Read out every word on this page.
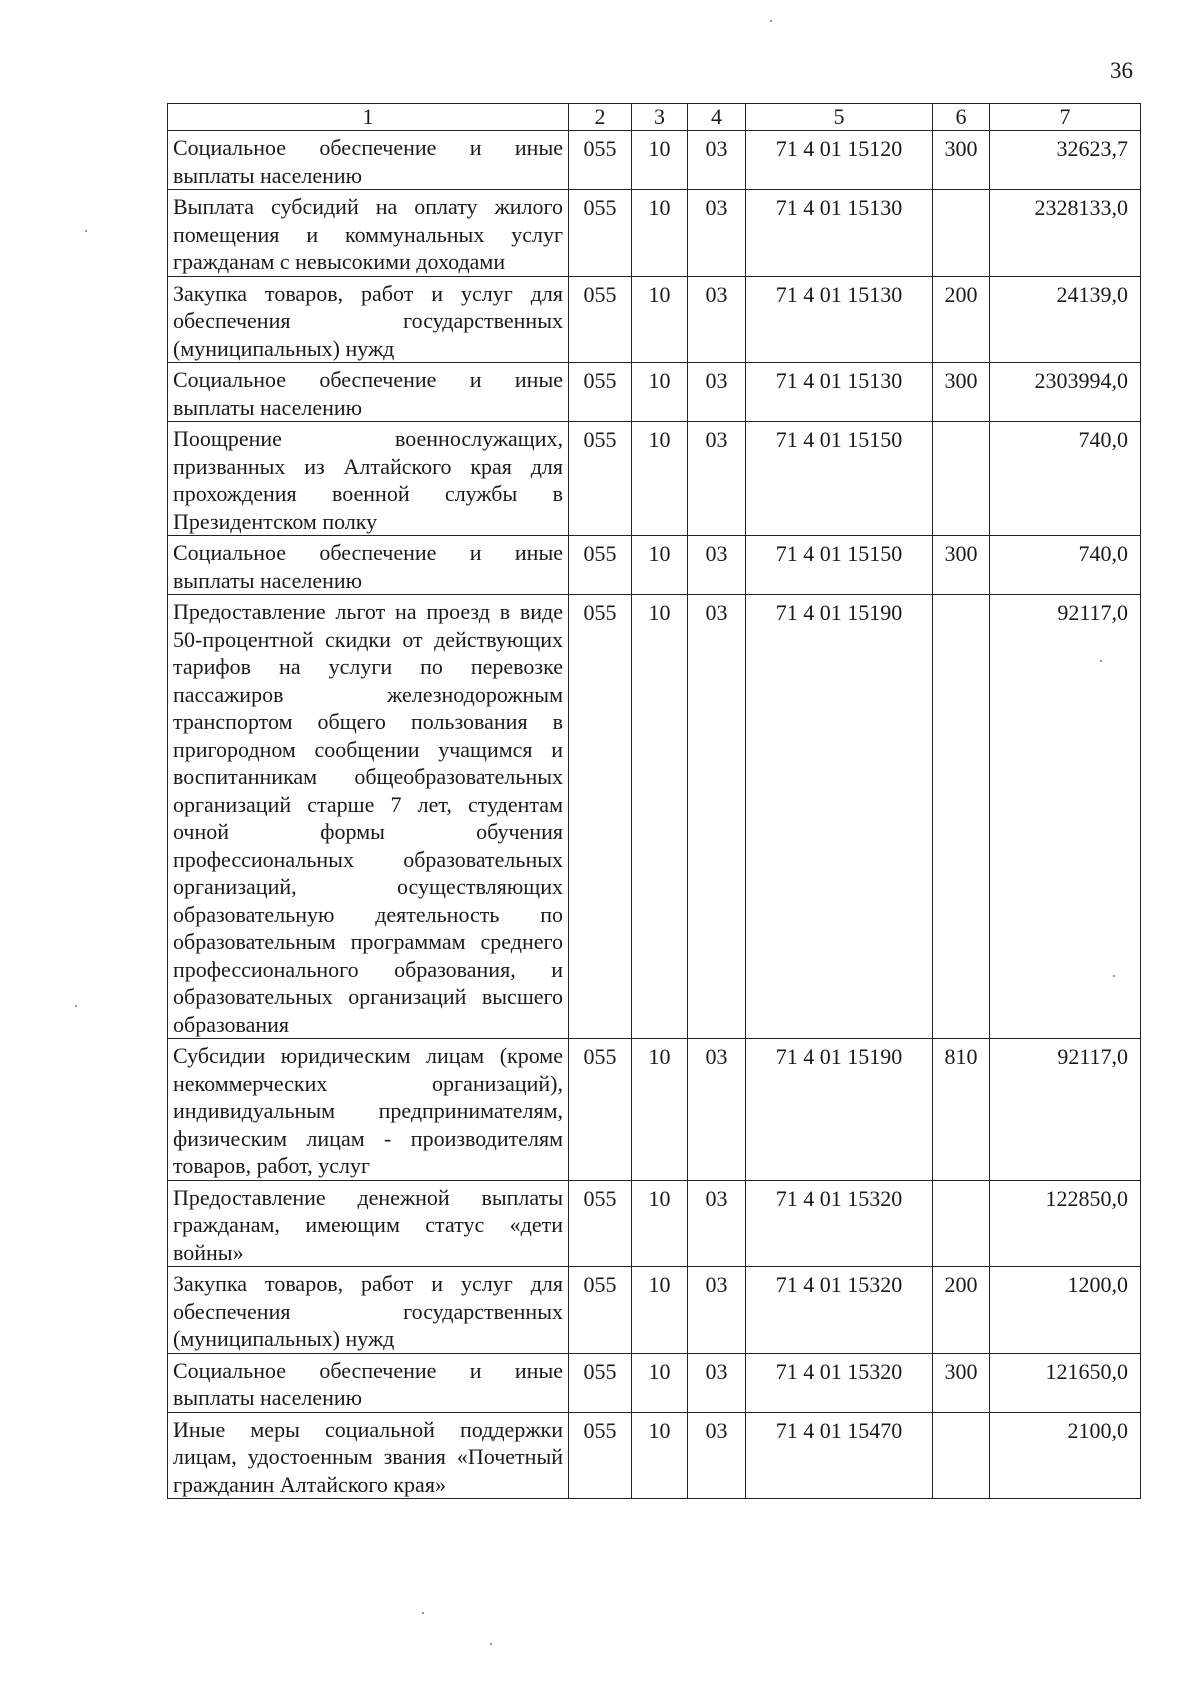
36
1	2	3	4	5	6	7
Социальное обеспечение и иные выплаты населению	055	10	03	71 4 01 15120	300	32623,7
Выплата субсидий на оплату жилого помещения и коммунальных услуг гражданам с невысокими доходами	055	10	03	71 4 01 15130		2328133,0
Закупка товаров, работ и услуг для обеспечения государственных (муниципальных) нужд	055	10	03	71 4 01 15130	200	24139,0
Социальное обеспечение и иные выплаты населению	055	10	03	71 4 01 15130	300	2303994,0
Поощрение военнослужащих, призванных из Алтайского края для прохождения военной службы в Президентском полку	055	10	03	71 4 01 15150		740,0
Социальное обеспечение и иные выплаты населению	055	10	03	71 4 01 15150	300	740,0
Предоставление льгот на проезд в виде 50-процентной скидки от действующих тарифов на услуги по перевозке пассажиров железнодорожным транспортом общего пользования в пригородном сообщении учащимся и воспитанникам общеобразовательных организаций старше 7 лет, студентам очной формы обучения профессиональных образовательных организаций, осуществляющих образовательную деятельность по образовательным программам среднего профессионального образования, и образовательных организаций высшего образования	055	10	03	71 4 01 15190		92117,0
Субсидии юридическим лицам (кроме некоммерческих организаций), индивидуальным предпринимателям, физическим лицам - производителям товаров, работ, услуг	055	10	03	71 4 01 15190	810	92117,0
Предоставление денежной выплаты гражданам, имеющим статус «дети войны»	055	10	03	71 4 01 15320		122850,0
Закупка товаров, работ и услуг для обеспечения государственных (муниципальных) нужд	055	10	03	71 4 01 15320	200	1200,0
Социальное обеспечение и иные выплаты населению	055	10	03	71 4 01 15320	300	121650,0
Иные меры социальной поддержки лицам, удостоенным звания «Почетный гражданин Алтайского края»	055	10	03	71 4 01 15470		2100,0
